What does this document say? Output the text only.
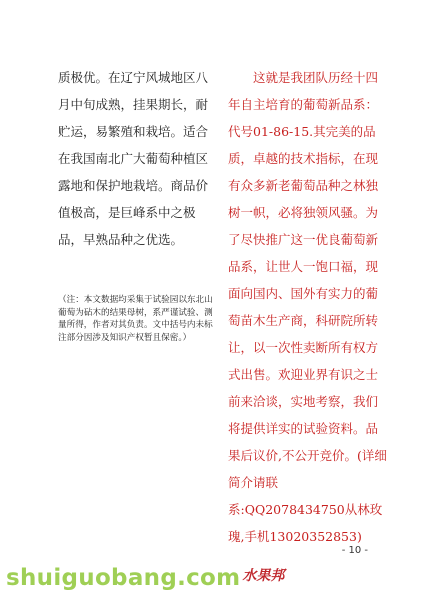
质极优。在辽宁风城地区八月中旬成熟，挂果期长，耐贮运，易繁殖和栽培。适合在我国南北广大葡萄种植区露地和保护地栽培。商品价值极高，是巨峰系中之极品，早熟品种之优选。
（注：本文数据均采集于试验园以东北山葡萄为砧木的结果母树，系严谨试验、测量所得，作者对其负责。文中括号内未标注部分因涉及知识产权暂且保密。）

这就是我团队历经十四年自主培育的葡萄新品系：代号01-86-15.其完美的品质，卓越的技术指标，在现有众多新老葡萄品种之林独树一帜，必将独领风骚。为了尽快推广这一优良葡萄新品系，让世人一饱口福，现面向国内、国外有实力的葡萄苗木生产商，科研院所转让，以一次性卖断所有权方式出售。欢迎业界有识之士前来洽谈，实地考察，我们将提供详实的试验资料。品果后议价,不公开竞价。(详细简介请联系:QQ2078434750从林玫瑰,手机13020352853)

- 10 -
shuiguobang.com 水果邦
